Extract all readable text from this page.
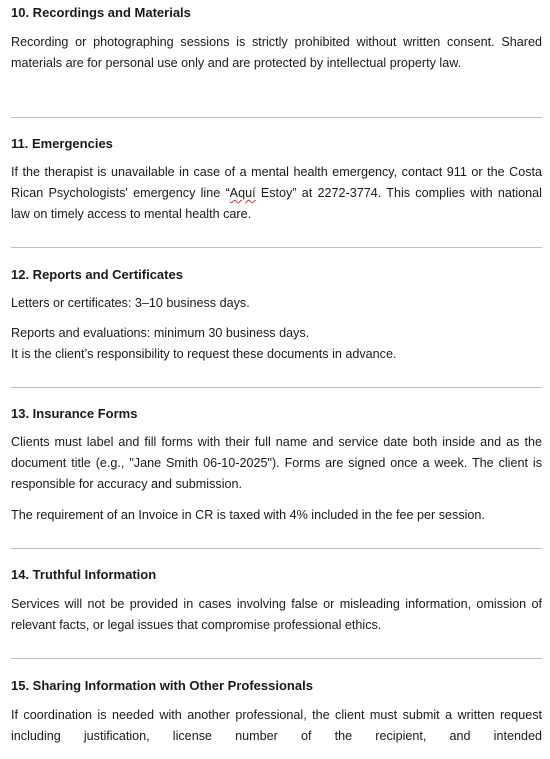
10. Recordings and Materials

Recording or photographing sessions is strictly prohibited without written consent. Shared materials are for personal use only and are protected by intellectual property law.

11. Emergencies

If the therapist is unavailable in case of a mental health emergency, contact 911 or the Costa Rican Psychologists' emergency line “Aquí Estoy” at 2272-3774. This complies with national law on timely access to mental health care.

12. Reports and Certificates

Letters or certificates: 3–10 business days.

Reports and evaluations: minimum 30 business days.

It is the client’s responsibility to request these documents in advance.

13. Insurance Forms

Clients must label and fill forms with their full name and service date both inside and as the document title (e.g., "Jane Smith 06-10-2025"). Forms are signed once a week. The client is responsible for accuracy and submission.

The requirement of an Invoice in CR is taxed with 4% included in the fee per session.

14. Truthful Information

Services will not be provided in cases involving false or misleading information, omission of relevant facts, or legal issues that compromise professional ethics.

15. Sharing Information with Other Professionals

If coordination is needed with another professional, the client must submit a written request including justification, license number of the recipient, and intended
